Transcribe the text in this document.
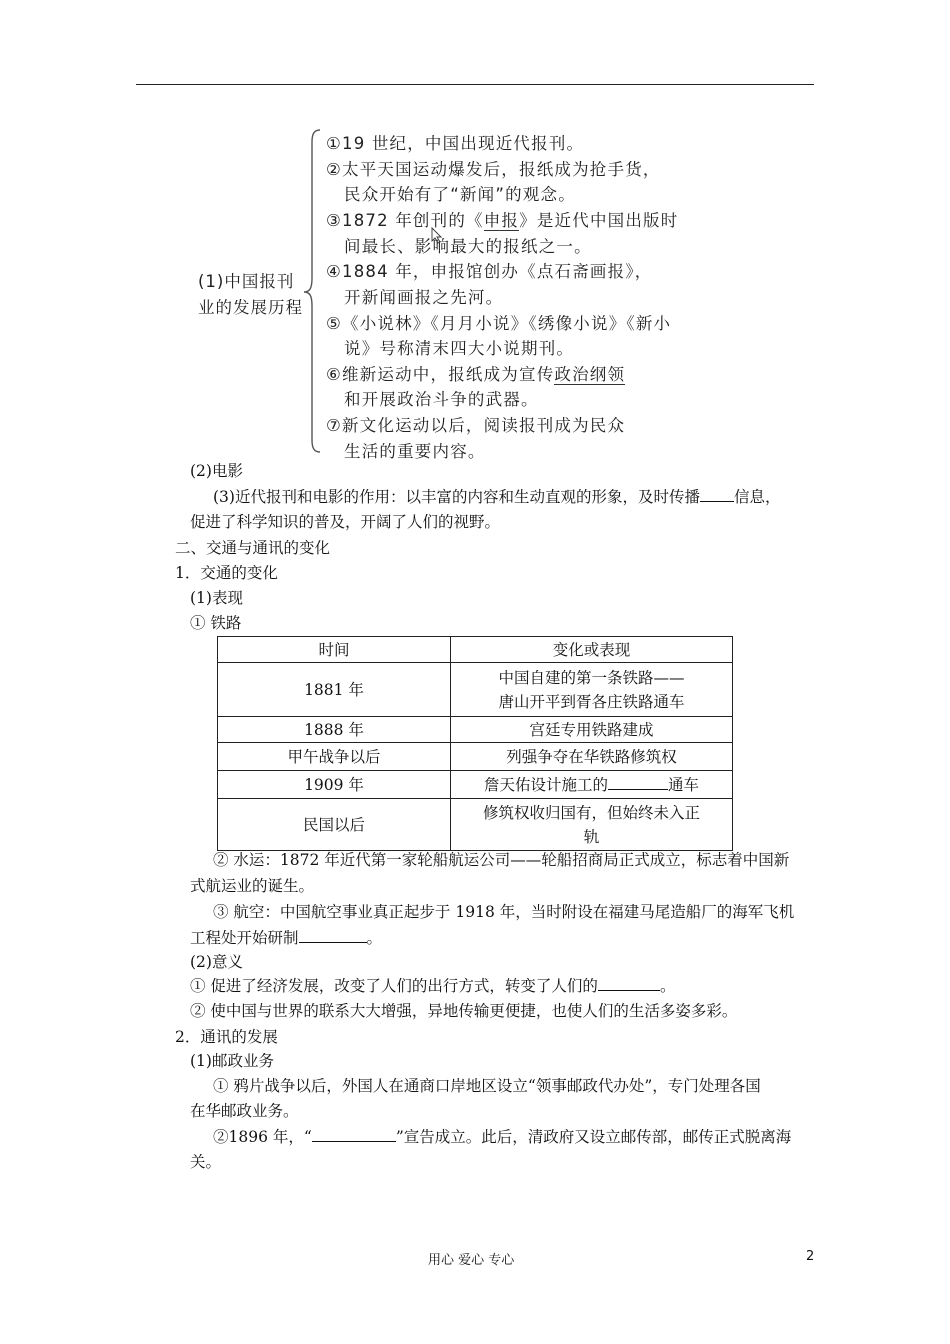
(1)中国报刊
业的发展历程
①19 世纪，中国出现近代报刊。
②太平天国运动爆发后，报纸成为抢手货，
民众开始有了“新闻”的观念。
③1872 年创刊的《申报》是近代中国出版时
间最长、影响最大的报纸之一。
④1884 年，申报馆创办《点石斋画报》，
开新闻画报之先河。
⑤《小说林》《月月小说》《绣像小说》《新小
说》号称清末四大小说期刊。
⑥维新运动中，报纸成为宣传政治纲领
和开展政治斗争的武器。
⑦新文化运动以后，阅读报刊成为民众
生活的重要内容。
(2)电影
(3)近代报刊和电影的作用：以丰富的内容和生动直观的形象，及时传播 信息，
促进了科学知识的普及，开阔了人们的视野。
二、交通与通讯的变化
1．交通的变化
(1)表现
① 铁路
时间	变化或表现
1881 年	中国自建的第一条铁路——
唐山开平到胥各庄铁路通车

1888 年	宫廷专用铁路建成
甲午战争以后	列强争夺在华铁路修筑权
1909 年	詹天佑设计施工的 通车
民国以后	修筑权收归国有，但始终未入正
轨
② 水运：1872 年近代第一家轮船航运公司——轮船招商局正式成立，标志着中国新
式航运业的诞生。
③ 航空：中国航空事业真正起步于 1918 年，当时附设在福建马尾造船厂的海军飞机
工程处开始研制	。
(2)意义
① 促进了经济发展，改变了人们的出行方式，转变了人们的	。
② 使中国与世界的联系大大增强，异地传输更便捷，也使人们的生活多姿多彩。
2．通讯的发展
(1)邮政业务
① 鸦片战争以后，外国人在通商口岸地区设立“领事邮政代办处”，专门处理各国
在华邮政业务。
②1896 年，“	”宣告成立。此后，清政府又设立邮传部，邮传正式脱离海
关。
用心 爱心 专心	2
